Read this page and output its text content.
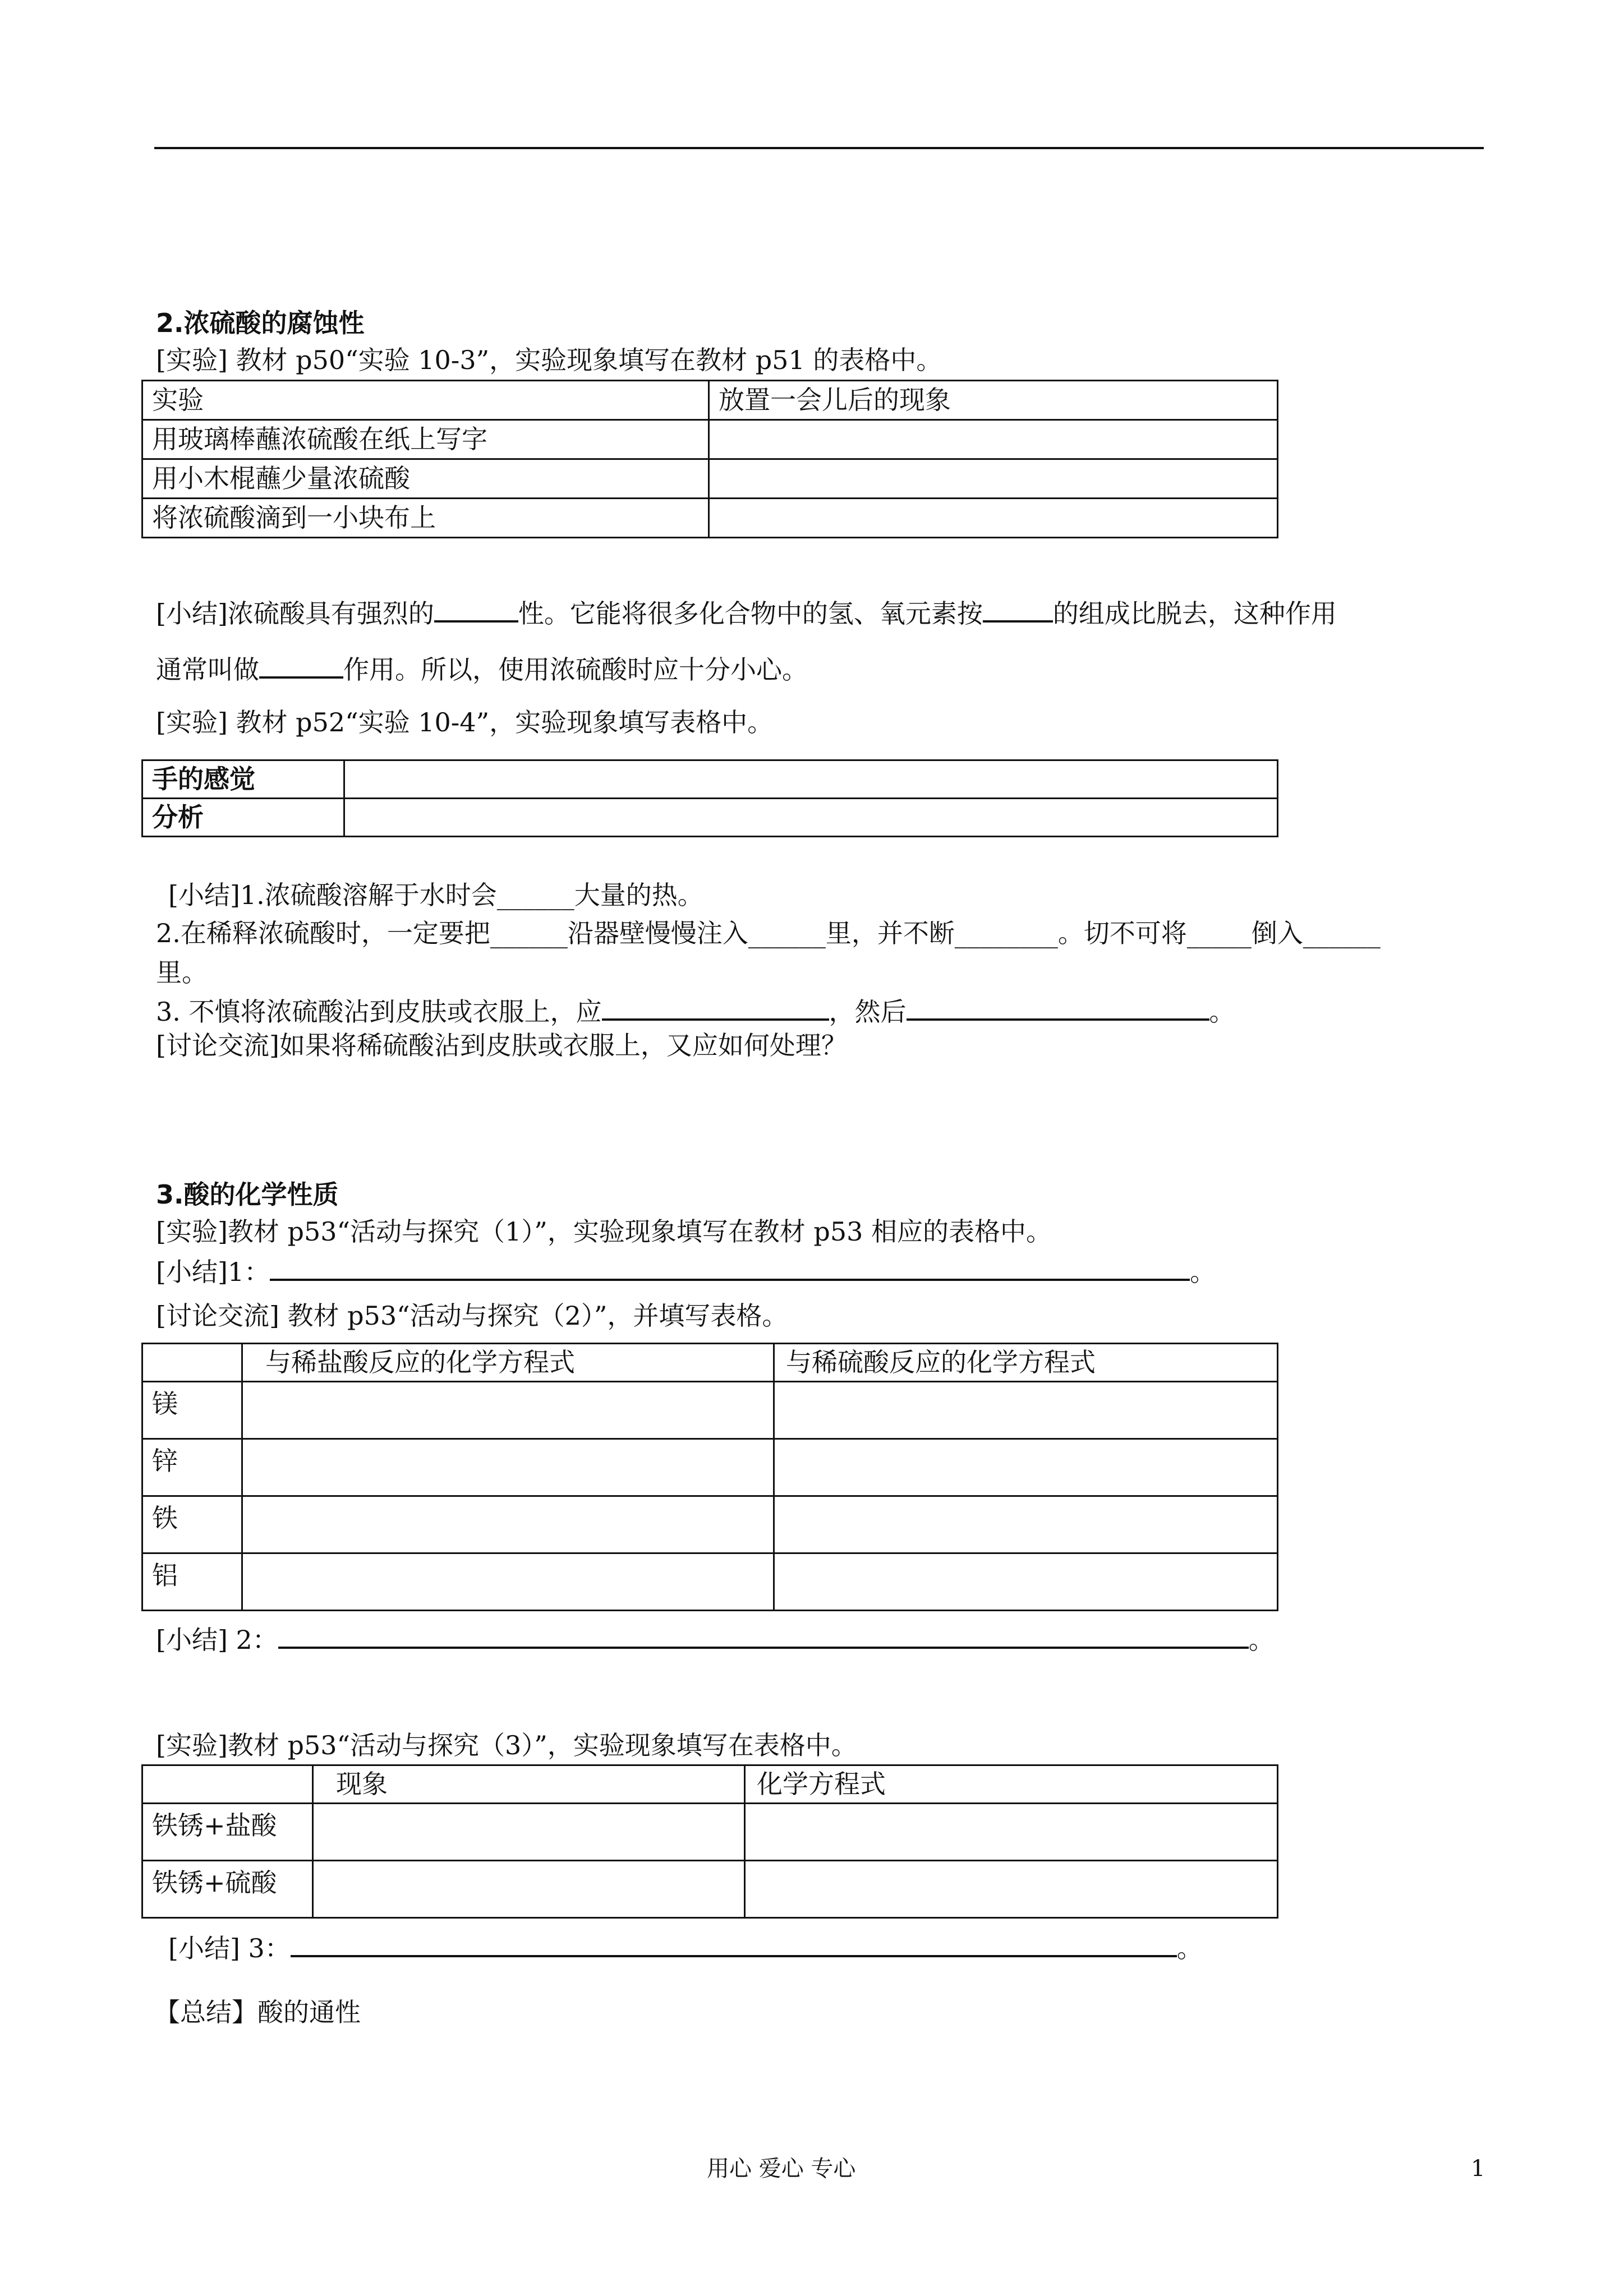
2.浓硫酸的腐蚀性
[实验] 教材 p50“实验 10-3”，实验现象填写在教材 p51 的表格中。
实验	放置一会儿后的现象
用玻璃棒蘸浓硫酸在纸上写字	
用小木棍蘸少量浓硫酸	
将浓硫酸滴到一小块布上	
[小结]浓硫酸具有强烈的	性。它能将很多化合物中的氢、氧元素按	的组成比脱去，这种作用
通常叫做	作用。所以，使用浓硫酸时应十分小心。
[实验] 教材 p52“实验 10-4”，实验现象填写表格中。
手的感觉	
分析	
[小结]1.浓硫酸溶解于水时会______大量的热。
2.在稀释浓硫酸时，一定要把______沿器壁慢慢注入______里，并不断________。切不可将_____倒入______
里。
3. 不慎将浓硫酸沾到皮肤或衣服上，应	，然后	。
[讨论交流]如果将稀硫酸沾到皮肤或衣服上，又应如何处理？
3.酸的化学性质
[实验]教材 p53“活动与探究（1）”，实验现象填写在教材 p53 相应的表格中。
[小结]1：	。
[讨论交流] 教材 p53“活动与探究（2）”，并填写表格。
	与稀盐酸反应的化学方程式	与稀硫酸反应的化学方程式
镁		
锌		
铁		
铝		
[小结] 2：	。
[实验]教材 p53“活动与探究（3）”，实验现象填写在表格中。
	现象	化学方程式
铁锈+盐酸		
铁锈+硫酸		
[小结] 3：	。
【总结】酸的通性
用心 爱心 专心	1
